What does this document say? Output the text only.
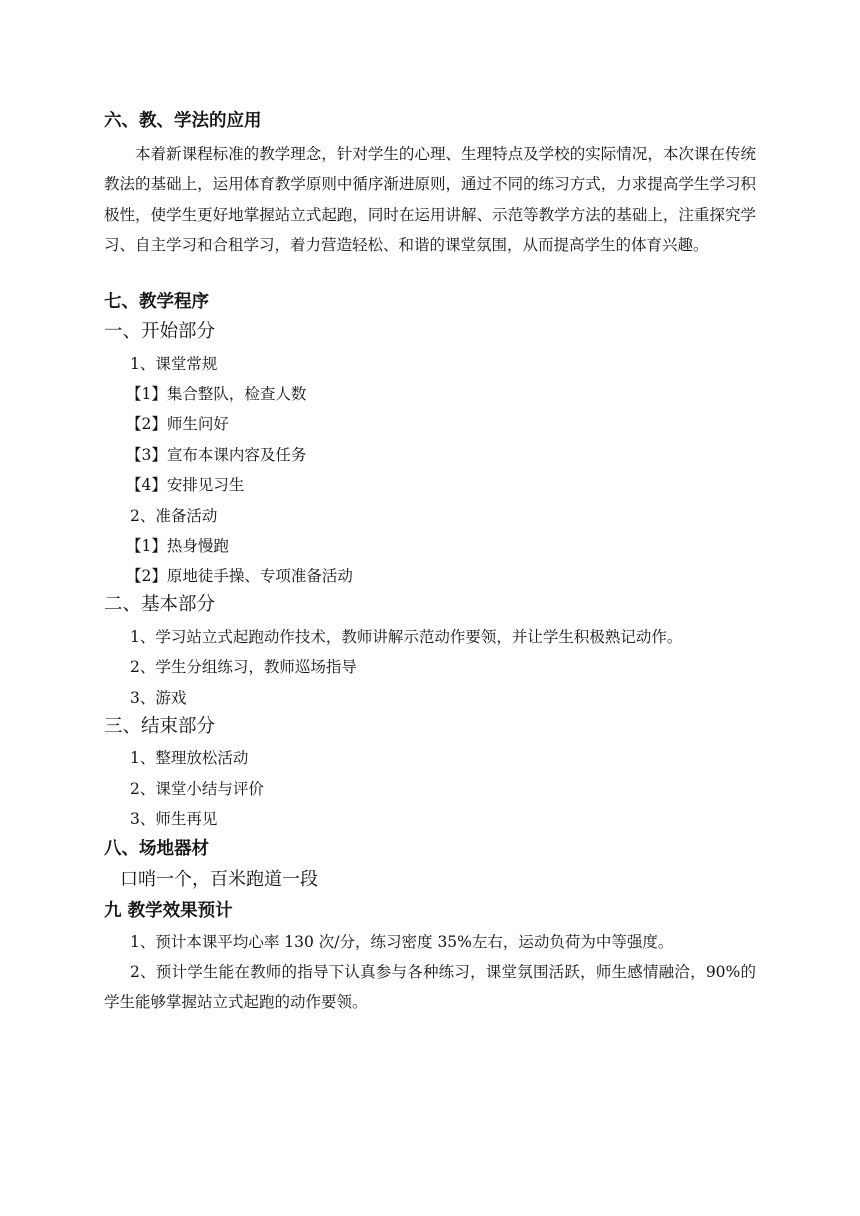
六、教、学法的应用
本着新课程标准的教学理念，针对学生的心理、生理特点及学校的实际情况，本次课在传统教法的基础上，运用体育教学原则中循序渐进原则，通过不同的练习方式，力求提高学生学习积极性，使学生更好地掌握站立式起跑，同时在运用讲解、示范等教学方法的基础上，注重探究学习、自主学习和合租学习，着力营造轻松、和谐的课堂氛围，从而提高学生的体育兴趣。
七、教学程序
一、开始部分
1、课堂常规
【1】集合整队，检查人数
【2】师生问好
【3】宣布本课内容及任务
【4】安排见习生
2、准备活动
【1】热身慢跑
【2】原地徒手操、专项准备活动
二、基本部分
1、学习站立式起跑动作技术，教师讲解示范动作要领，并让学生积极熟记动作。
2、学生分组练习，教师巡场指导
3、游戏
三、结束部分
1、整理放松活动
2、课堂小结与评价
3、师生再见
八、场地器材
口哨一个，百米跑道一段
九 教学效果预计
1、预计本课平均心率 130 次/分，练习密度 35%左右，运动负荷为中等强度。
2、预计学生能在教师的指导下认真参与各种练习，课堂氛围活跃，师生感情融洽，90%的学生能够掌握站立式起跑的动作要领。
